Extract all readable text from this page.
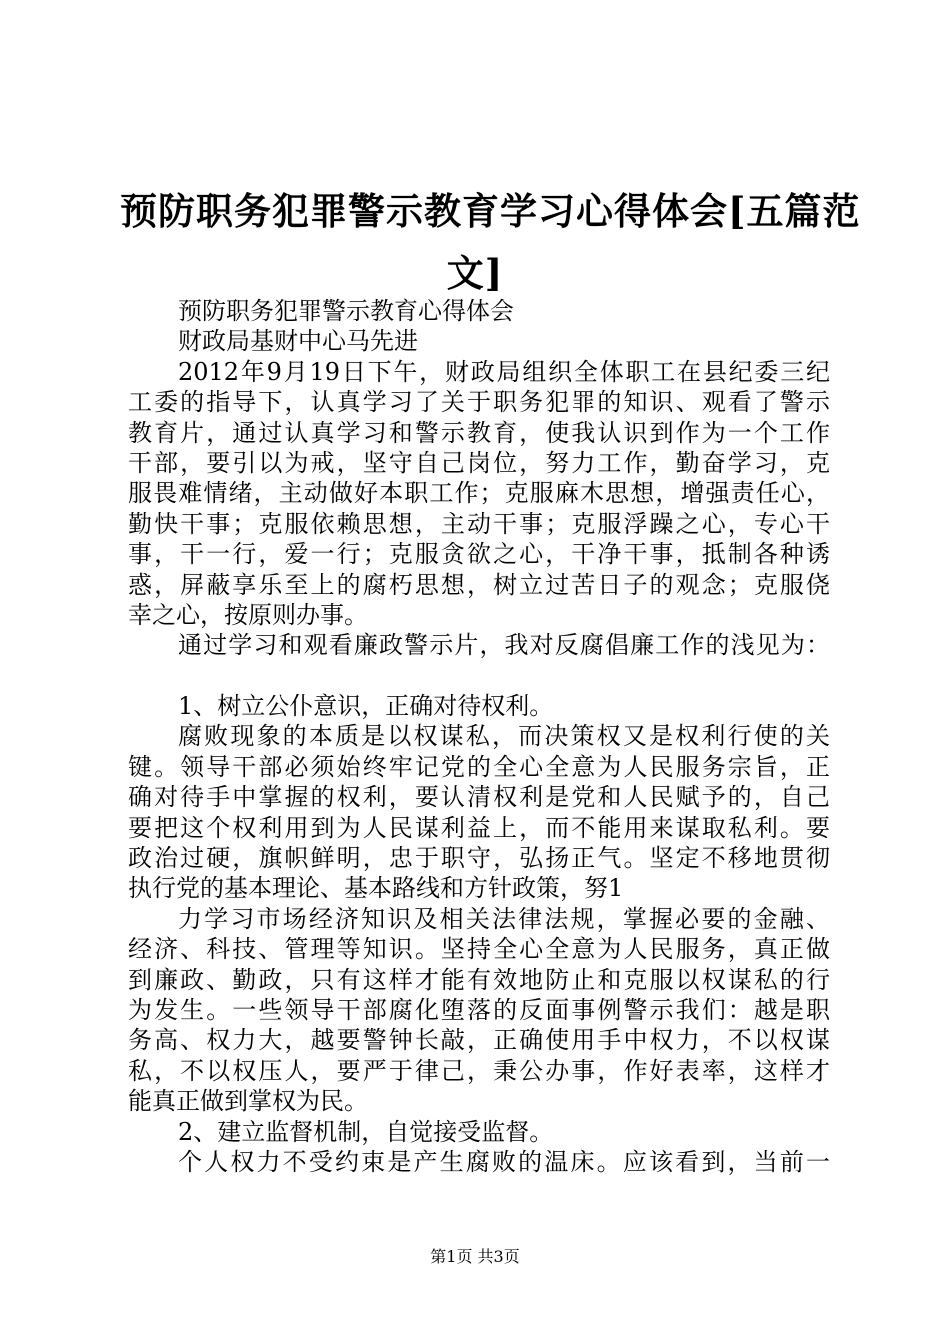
预防职务犯罪警示教育学习心得体会[五篇范
文]
预防职务犯罪警示教育心得体会
财政局基财中心马先进
2012年9月19日下午，财政局组织全体职工在县纪委三纪
工委的指导下，认真学习了关于职务犯罪的知识、观看了警示
教育片，通过认真学习和警示教育，使我认识到作为一个工作
干部，要引以为戒，坚守自己岗位，努力工作，勤奋学习，克
服畏难情绪，主动做好本职工作；克服麻木思想，增强责任心，
勤快干事；克服依赖思想，主动干事；克服浮躁之心，专心干
事，干一行，爱一行；克服贪欲之心，干净干事，抵制各种诱
惑，屏蔽享乐至上的腐朽思想，树立过苦日子的观念；克服侥
幸之心，按原则办事。
通过学习和观看廉政警示片，我对反腐倡廉工作的浅见为：
1、树立公仆意识，正确对待权利。
腐败现象的本质是以权谋私，而决策权又是权利行使的关
键。领导干部必须始终牢记党的全心全意为人民服务宗旨，正
确对待手中掌握的权利，要认清权利是党和人民赋予的，自己
要把这个权利用到为人民谋利益上，而不能用来谋取私利。要
政治过硬，旗帜鲜明，忠于职守，弘扬正气。坚定不移地贯彻
执行党的基本理论、基本路线和方针政策，努1
力学习市场经济知识及相关法律法规，掌握必要的金融、
经济、科技、管理等知识。坚持全心全意为人民服务，真正做
到廉政、勤政，只有这样才能有效地防止和克服以权谋私的行
为发生。一些领导干部腐化堕落的反面事例警示我们：越是职
务高、权力大，越要警钟长敲，正确使用手中权力，不以权谋
私，不以权压人，要严于律己，秉公办事，作好表率，这样才
能真正做到掌权为民。
2、建立监督机制，自觉接受监督。
个人权力不受约束是产生腐败的温床。应该看到，当前一
第1页 共3页
